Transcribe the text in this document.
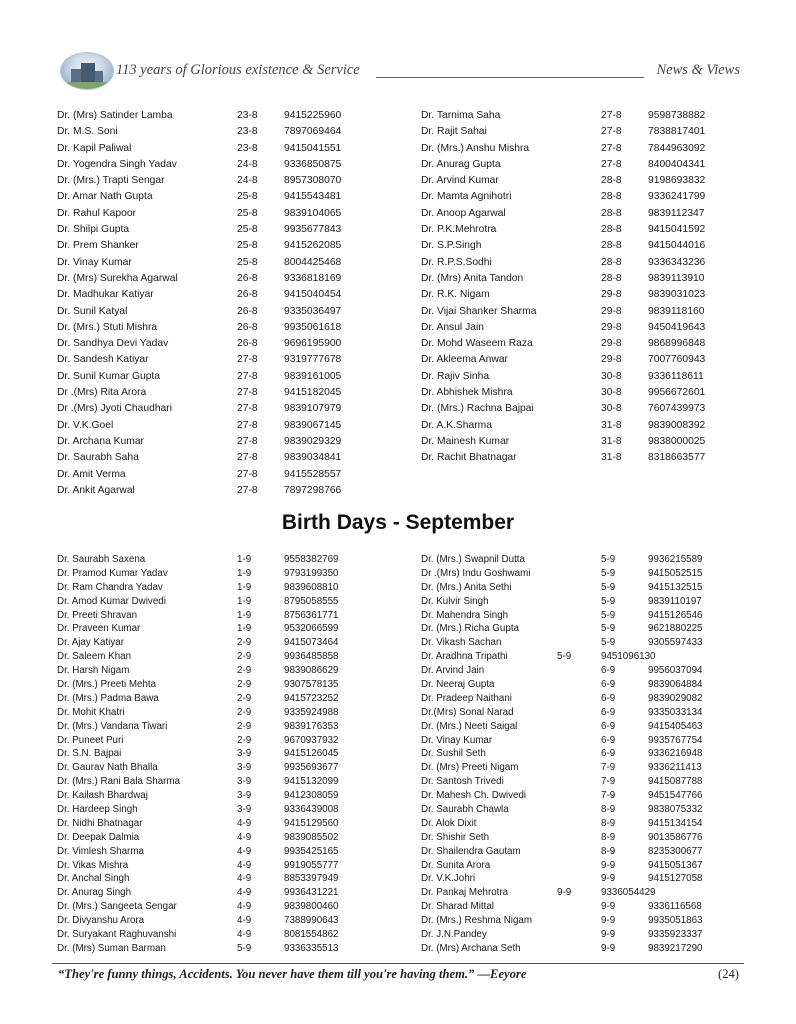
113 years of Glorious existence & Service	News & Views
Dr. (Mrs) Satinder Lamba	23-8	9415225960
Dr. M.S. Soni	23-8	7897069464
Dr. Kapil Paliwal	23-8	9415041551
Dr. Yogendra Singh Yadav	24-8	9336850875
Dr. (Mrs.) Trapti Sengar	24-8	8957308070
Dr. Amar Nath Gupta	25-8	9415543481
Dr. Rahul Kapoor	25-8	9839104065
Dr. Shilpi Gupta	25-8	9935677843
Dr. Prem Shanker	25-8	9415262085
Dr. Vinay Kumar	25-8	8004425468
Dr. (Mrs) Surekha Agarwal	26-8	9336818169
Dr. Madhukar Katiyar	26-8	9415040454
Dr. Sunil Katyal	26-8	9335036497
Dr. (Mrs.) Stuti Mishra	26-8	9935061618
Dr. Sandhya Devi Yadav	26-8	9696195900
Dr. Sandesh Katiyar	27-8	9319777678
Dr. Sunil Kumar Gupta	27-8	9839161005
Dr .(Mrs) Rita Arora	27-8	9415182045
Dr .(Mrs) Jyoti Chaudhari	27-8	9839107979
Dr. V.K.Goel	27-8	9839067145
Dr. Archana Kumar	27-8	9839029329
Dr. Saurabh Saha	27-8	9839034841
Dr. Amit Verma	27-8	9415528557
Dr. Ankit Agarwal	27-8	7897298766
Dr. Tarnima Saha	27-8	9598738882
Dr. Rajit Sahai	27-8	7838817401
Dr. (Mrs.) Anshu Mishra	27-8	7844963092
Dr. Anurag Gupta	27-8	8400404341
Dr. Arvind Kumar	28-8	9198693832
Dr. Mamta Agnihotri	28-8	9336241799
Dr. Anoop Agarwal	28-8	9839112347
Dr. P.K.Mehrotra	28-8	9415041592
Dr. S.P.Singh	28-8	9415044016
Dr. R.P.S.Sodhi	28-8	9336343236
Dr. (Mrs) Anita Tandon	28-8	9839113910
Dr. R.K. Nigam	29-8	9839031023
Dr. Vijai Shanker Sharma	29-8	9839118160
Dr. Ansul Jain	29-8	9450419643
Dr. Mohd Waseem Raza	29-8	9868996848
Dr. Akleema Anwar	29-8	7007760943
Dr. Rajiv Sinha	30-8	9336118611
Dr. Abhishek Mishra	30-8	9956672601
Dr. (Mrs.) Rachna Bajpai	30-8	7607439973
Dr. A.K.Sharma	31-8	9839008392
Dr. Mainesh Kumar	31-8	9838000025
Dr. Rachit Bhatnagar	31-8	8318663577
Birth Days - September
Dr. Saurabh Saxena	1-9	9558382769
Dr. Pramod Kumar Yadav	1-9	9793199350
Dr. Ram Chandra Yadav	1-9	9839608810
Dr. Amod Kumar Dwivedi	1-9	8795058555
Dr. Preeti Shravan	1-9	8756361771
Dr. Praveen Kumar	1-9	9532066599
Dr. Ajay Katiyar	2-9	9415073464
Dr. Saleem Khan	2-9	9936485858
Dr. Harsh Nigam	2-9	9839086629
Dr. (Mrs.) Preeti Mehta	2-9	9307578135
Dr. (Mrs.) Padma Bawa	2-9	9415723252
Dr. Mohit Khatri	2-9	9335924988
Dr. (Mrs.) Vandana Tiwari	2-9	9839176353
Dr. Puneet Puri	2-9	9670937932
Dr. S.N. Bajpai	3-9	9415126045
Dr. Gaurav Nath Bhalla	3-9	9935693677
Dr. (Mrs.) Rani Bala Sharma	3-9	9415132099
Dr. Kailash Bhardwaj	3-9	9412308059
Dr. Hardeep Singh	3-9	9336439008
Dr. Nidhi Bhatnagar	4-9	9415129560
Dr. Deepak Dalmia	4-9	9839085502
Dr. Vimlesh Sharma	4-9	9935425165
Dr. Vikas Mishra	4-9	9919055777
Dr. Anchal Singh	4-9	8853397949
Dr. Anurag Singh	4-9	9936431221
Dr. (Mrs.) Sangeeta Sengar	4-9	9839800460
Dr. Divyanshu Arora	4-9	7388990643
Dr. Suryakant Raghuvanshi	4-9	8081554862
Dr. (Mrs) Suman Barman	5-9	9336335513
Dr. (Mrs.) Swapnil Dutta	5-9	9936215589
Dr .(Mrs) Indu Goshwami	5-9	9415052515
Dr. (Mrs.) Anita Sethi	5-9	9415132515
Dr. Kulvir Singh	5-9	9839110197
Dr. Mahendra Singh	5-9	9415126546
Dr. (Mrs.) Richa Gupta	5-9	9621880225
Dr. Vikash Sachan	5-9	9305597433
Dr. Aradhna Tripathi	5-9	9451096130
Dr. Arvind Jain	6-9	9956037094
Dr. Neeraj Gupta	6-9	9839064884
Dr. Pradeep Naithani	6-9	9839029082
Dr.(Mrs) Sonal Narad	6-9	9335033134
Dr. (Mrs.) Neeti Saigal	6-9	9415405463
Dr. Vinay Kumar	6-9	9935767754
Dr. Sushil Seth	6-9	9336216948
Dr. (Mrs) Preeti Nigam	7-9	9336211413
Dr. Santosh Trivedi	7-9	9415087788
Dr. Mahesh Ch. Dwivedi	7-9	9451547766
Dr. Saurabh Chawla	8-9	9838075332
Dr. Alok Dixit	8-9	9415134154
Dr. Shishir Seth	8-9	9013586776
Dr. Shailendra Gautam	8-9	8235300677
Dr. Sunita Arora	9-9	9415051367
Dr. V.K.Johri	9-9	9415127058
Dr. Pankaj Mehrotra	9-9	9336054429
Dr. Sharad Mittal	9-9	9336116568
Dr. (Mrs.) Reshma Nigam	9-9	9935051863
Dr. J.N.Pandey	9-9	9335923337
Dr. (Mrs) Archana Seth	9-9	9839217290
“They're funny things, Accidents. You never have them till you're having them.” —Eeyore	(24)
